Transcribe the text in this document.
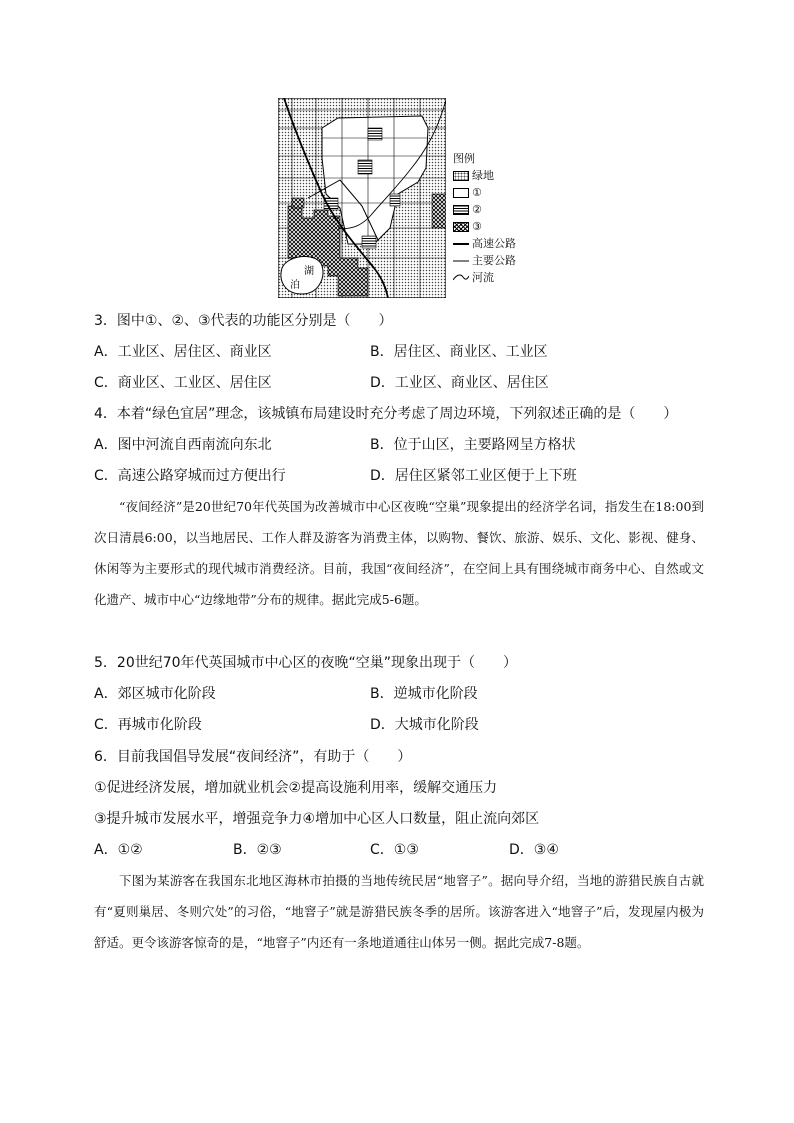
湖
泊
图例
绿地
①
②
③
高速公路
主要公路
河流
3．图中①、②、③代表的功能区分别是（　　）
A．工业区、居住区、商业区	B．居住区、商业区、工业区
C．商业区、工业区、居住区	D．工业区、商业区、居住区
4．本着“绿色宜居”理念，该城镇布局建设时充分考虑了周边环境，下列叙述正确的是（　　）
A．图中河流自西南流向东北	B．位于山区，主要路网呈方格状
C．高速公路穿城而过方便出行	D．居住区紧邻工业区便于上下班
“夜间经济”是20世纪70年代英国为改善城市中心区夜晚“空巢”现象提出的经济学名词，指发生在18:00到次日清晨6:00，以当地居民、工作人群及游客为消费主体，以购物、餐饮、旅游、娱乐、文化、影视、健身、休闲等为主要形式的现代城市消费经济。目前，我国“夜间经济”，在空间上具有围绕城市商务中心、自然或文化遗产、城市中心“边缘地带”分布的规律。据此完成5-6题。
5．20世纪70年代英国城市中心区的夜晚“空巢”现象出现于（　　）
A．郊区城市化阶段	B．逆城市化阶段
C．再城市化阶段	D．大城市化阶段
6．目前我国倡导发展“夜间经济”，有助于（　　）
①促进经济发展，增加就业机会②提高设施利用率，缓解交通压力
③提升城市发展水平，增强竞争力④增加中心区人口数量，阻止流向郊区
A．①②	B．②③	C．①③	D．③④
下图为某游客在我国东北地区海林市拍摄的当地传统民居“地窨子”。据向导介绍，当地的游猎民族自古就有“夏则巢居、冬则穴处”的习俗，“地窨子”就是游猎民族冬季的居所。该游客进入“地窨子”后，发现屋内极为舒适。更令该游客惊奇的是，“地窨子”内还有一条地道通往山体另一侧。据此完成7-8题。
